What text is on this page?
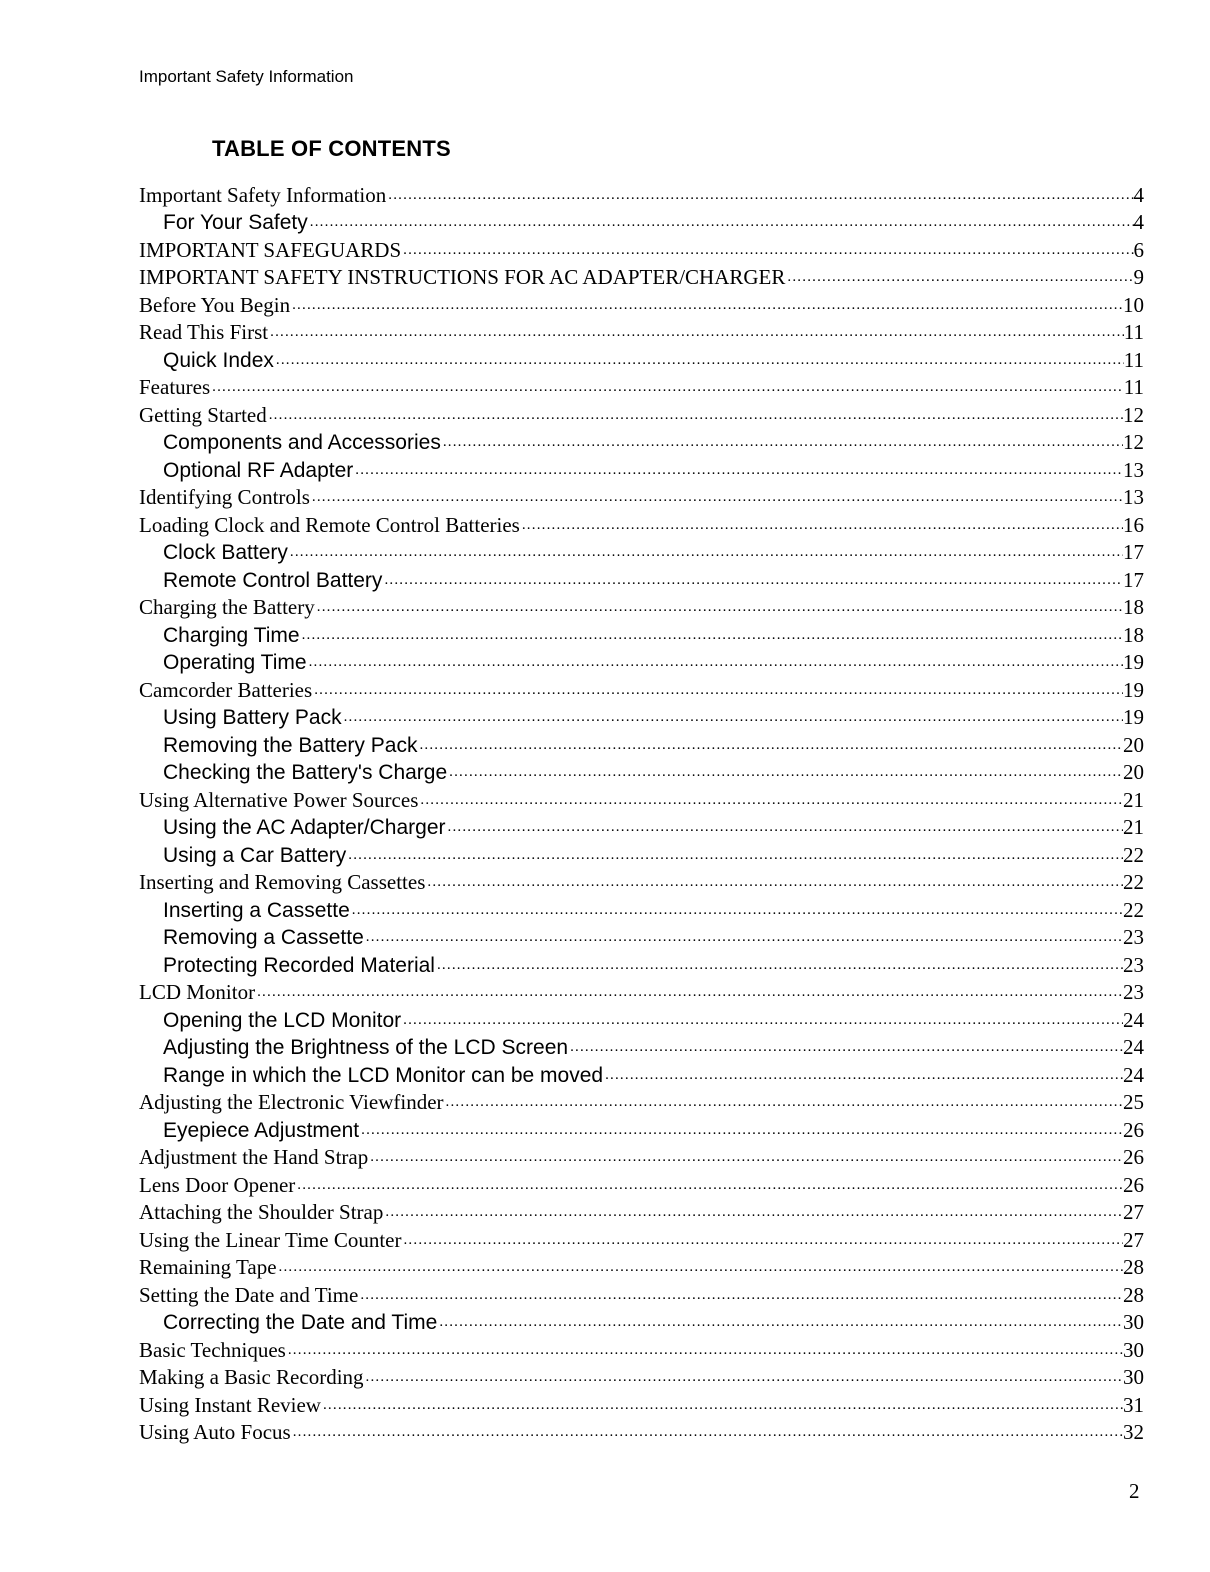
Important Safety Information
TABLE OF CONTENTS
Important Safety Information .....	4
For Your Safety .....	4
IMPORTANT SAFEGUARDS .....	6
IMPORTANT SAFETY INSTRUCTIONS FOR AC ADAPTER/CHARGER .....	9
Before You Begin .....	10
Read This First .....	11
Quick Index .....	11
Features .....	11
Getting Started .....	12
Components and Accessories .....	12
Optional RF Adapter .....	13
Identifying Controls .....	13
Loading Clock and Remote Control Batteries .....	16
Clock Battery .....	17
Remote Control Battery .....	17
Charging the Battery .....	18
Charging Time .....	18
Operating Time .....	19
Camcorder Batteries .....	19
Using Battery Pack .....	19
Removing the Battery Pack .....	20
Checking the Battery's Charge .....	20
Using Alternative Power Sources .....	21
Using the AC Adapter/Charger .....	21
Using a Car Battery .....	22
Inserting and Removing Cassettes .....	22
Inserting a Cassette .....	22
Removing a Cassette .....	23
Protecting Recorded Material .....	23
LCD Monitor .....	23
Opening the LCD Monitor .....	24
Adjusting the Brightness of the LCD Screen .....	24
Range in which the LCD Monitor can be moved .....	24
Adjusting the Electronic Viewfinder .....	25
Eyepiece Adjustment .....	26
Adjustment the Hand Strap .....	26
Lens Door Opener .....	26
Attaching the Shoulder Strap .....	27
Using the Linear Time Counter .....	27
Remaining Tape .....	28
Setting the Date and Time .....	28
Correcting the Date and Time .....	30
Basic Techniques .....	30
Making a Basic Recording .....	30
Using Instant Review .....	31
Using Auto Focus .....	32
2
